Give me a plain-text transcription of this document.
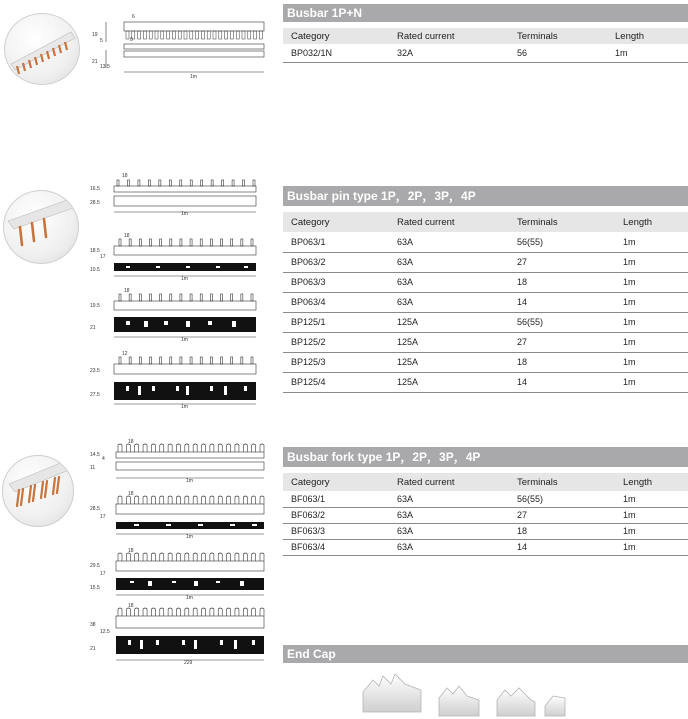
6
19
5	8
21
13.5
1m
Busbar 1P+N
Category	Rated current	Terminals	Length
BP032/1N	32A	56	1m
18
16.5
28.5
1m
18
18.5
17
10.5
1m
18
19.5
21
1m
12
23.5
27.5
1m
Busbar pin type 1P，2P，3P，4P
Category	Rated current	Terminals	Length
BP063/1	63A	56(55)	1m
BP063/2	63A	27	1m
BP063/3	63A	18	1m
BP063/4	63A	14	1m
BP125/1	125A	56(55)	1m
BP125/2	125A	27	1m
BP125/3	125A	18	1m
BP125/4	125A	14	1m
18
14.5
4
11
1m
18
28.5
17
1m
18
29.5
17
15.5
1m
18
38
12.5
21
229
Busbar fork type 1P，2P，3P，4P
Category	Rated current	Terminals	Length
BF063/1	63A	56(55)	1m
BF063/2	63A	27	1m
BF063/3	63A	18	1m
BF063/4	63A	14	1m
End Cap
